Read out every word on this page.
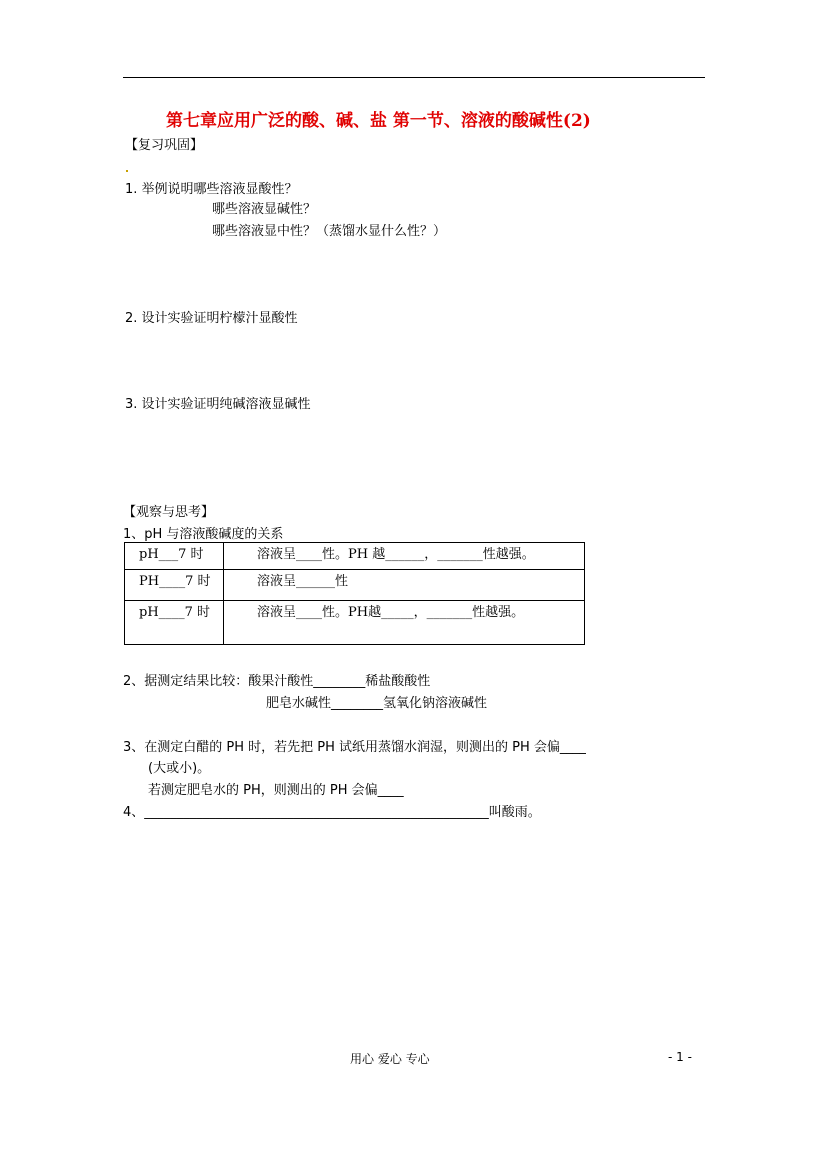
第七章应用广泛的酸、碱、盐 第一节、溶液的酸碱性(2)
【复习巩固】
1. 举例说明哪些溶液显酸性？
哪些溶液显碱性？
哪些溶液显中性？（蒸馏水显什么性？）
2. 设计实验证明柠檬汁显酸性
3. 设计实验证明纯碱溶液显碱性
【观察与思考】
1、pH 与溶液酸碱度的关系
pH___7 时	溶液呈____性。PH 越______，_______性越强。
PH____7 时	溶液呈______性
pH____7 时	溶液呈____性。PH越_____，_______性越强。
2、据测定结果比较：酸果汁酸性________稀盐酸酸性
肥皂水碱性________氢氧化钠溶液碱性
3、在测定白醋的 PH 时，若先把 PH 试纸用蒸馏水润湿，则测出的 PH 会偏____
(大或小)。
若测定肥皂水的 PH，则测出的 PH 会偏____
4、_____________________________________________________叫酸雨。
用心 爱心 专心	- 1 -
